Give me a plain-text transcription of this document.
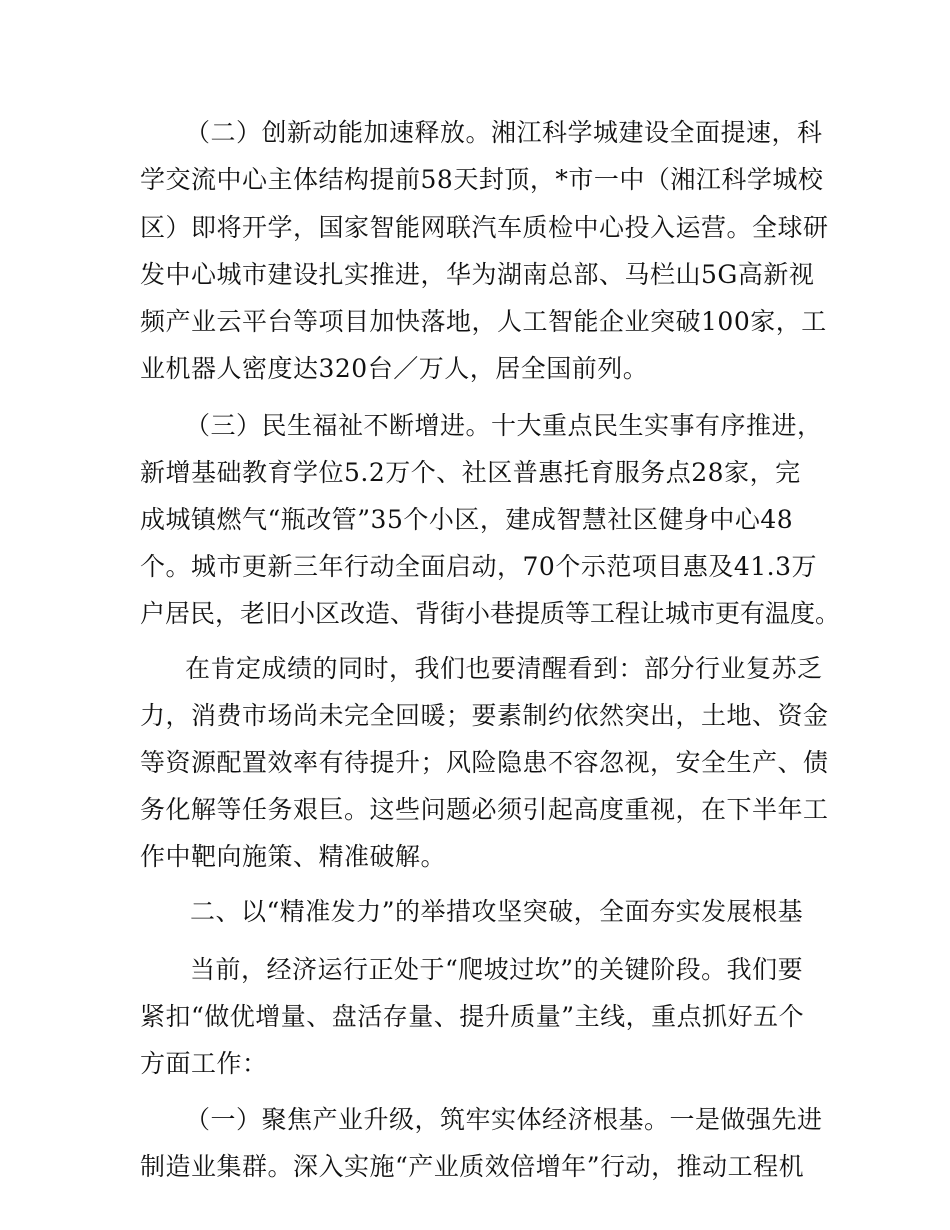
（二）创新动能加速释放。湘江科学城建设全面提速，科
学交流中心主体结构提前58天封顶，*市一中（湘江科学城校
区）即将开学，国家智能网联汽车质检中心投入运营。全球研
发中心城市建设扎实推进，华为湖南总部、马栏山5G高新视
频产业云平台等项目加快落地，人工智能企业突破100家，工
业机器人密度达320台／万人，居全国前列。
（三）民生福祉不断增进。十大重点民生实事有序推进，
新增基础教育学位5.2万个、社区普惠托育服务点28家，完
成城镇燃气“瓶改管”35个小区，建成智慧社区健身中心48
个。城市更新三年行动全面启动，70个示范项目惠及41.3万
户居民，老旧小区改造、背街小巷提质等工程让城市更有温度。
在肯定成绩的同时，我们也要清醒看到：部分行业复苏乏
力，消费市场尚未完全回暖；要素制约依然突出，土地、资金
等资源配置效率有待提升；风险隐患不容忽视，安全生产、债
务化解等任务艰巨。这些问题必须引起高度重视，在下半年工
作中靶向施策、精准破解。
二、以“精准发力”的举措攻坚突破，全面夯实发展根基
当前，经济运行正处于“爬坡过坎”的关键阶段。我们要
紧扣“做优增量、盘活存量、提升质量”主线，重点抓好五个
方面工作：
（一）聚焦产业升级，筑牢实体经济根基。一是做强先进
制造业集群。深入实施“产业质效倍增年”行动，推动工程机
